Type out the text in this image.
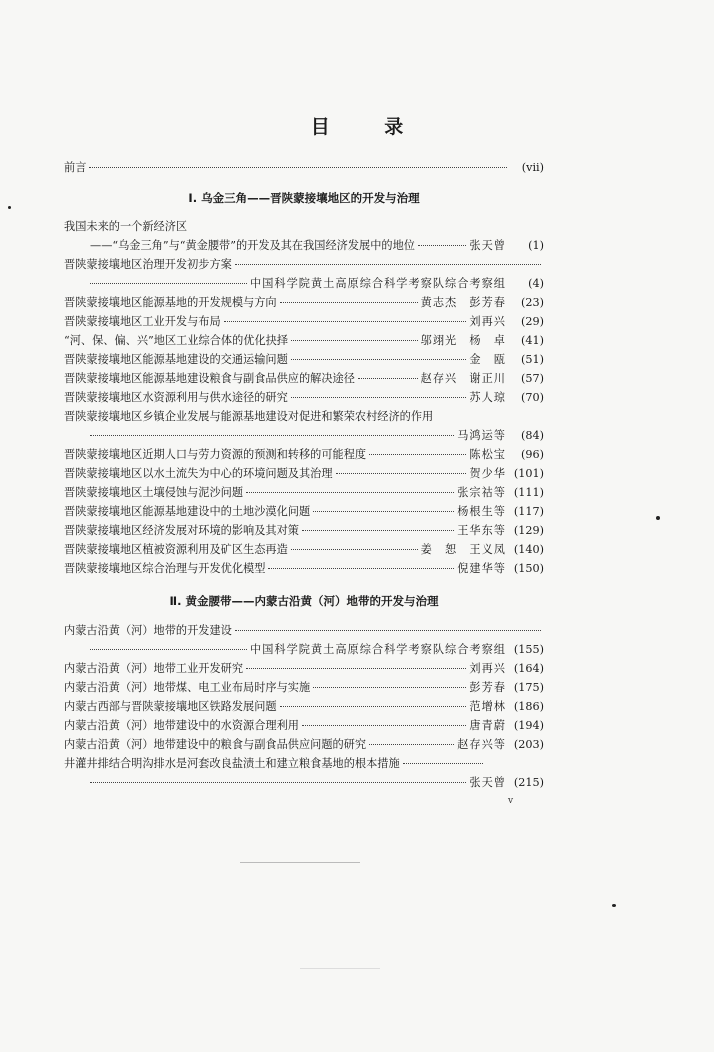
目 录
前言	(vii)
Ⅰ. 乌金三角——晋陕蒙接壤地区的开发与治理
我国未来的一个新经济区
——“乌金三角”与“黄金腰带”的开发及其在我国经济发展中的地位	张天曾	(1)
晋陕蒙接壤地区治理开发初步方案
中国科学院黄土高原综合科学考察队综合考察组	(4)
晋陕蒙接壤地区能源基地的开发规模与方向	黄志杰　彭芳春	(23)
晋陕蒙接壤地区工业开发与布局	刘再兴	(29)
“河、保、偏、兴”地区工业综合体的优化抉择	邬翊光　杨　卓	(41)
晋陕蒙接壤地区能源基地建设的交通运输问题	金　瓯	(51)
晋陕蒙接壤地区能源基地建设粮食与副食品供应的解决途径	赵存兴　谢正川	(57)
晋陕蒙接壤地区水资源利用与供水途径的研究	苏人琼	(70)
晋陕蒙接壤地区乡镇企业发展与能源基地建设对促进和繁荣农村经济的作用
马鸿运等	(84)
晋陕蒙接壤地区近期人口与劳力资源的预测和转移的可能程度	陈松宝	(96)
晋陕蒙接壤地区以水土流失为中心的环境问题及其治理	贺少华 (101)
晋陕蒙接壤地区土壤侵蚀与泥沙问题	张宗祜等 (111)
晋陕蒙接壤地区能源基地建设中的土地沙漠化问题	杨根生等 (117)
晋陕蒙接壤地区经济发展对环境的影响及其对策	王华东等 (129)
晋陕蒙接壤地区植被资源利用及矿区生态再造	姜　恕　王义凤 (140)
晋陕蒙接壤地区综合治理与开发优化模型	倪建华等 (150)
Ⅱ. 黄金腰带——内蒙古沿黄（河）地带的开发与治理
内蒙古沿黄（河）地带的开发建设
中国科学院黄土高原综合科学考察队综合考察组 (155)
内蒙古沿黄（河）地带工业开发研究	刘再兴 (164)
内蒙古沿黄（河）地带煤、电工业布局时序与实施	彭芳春 (175)
内蒙古西部与晋陕蒙接壤地区铁路发展问题	范增林 (186)
内蒙古沿黄（河）地带建设中的水资源合理利用	唐青蔚 (194)
内蒙古沿黄（河）地带建设中的粮食与副食品供应问题的研究	赵存兴等 (203)
井灌井排结合明沟排水是河套改良盐渍土和建立粮食基地的根本措施
张天曾 (215)
v
